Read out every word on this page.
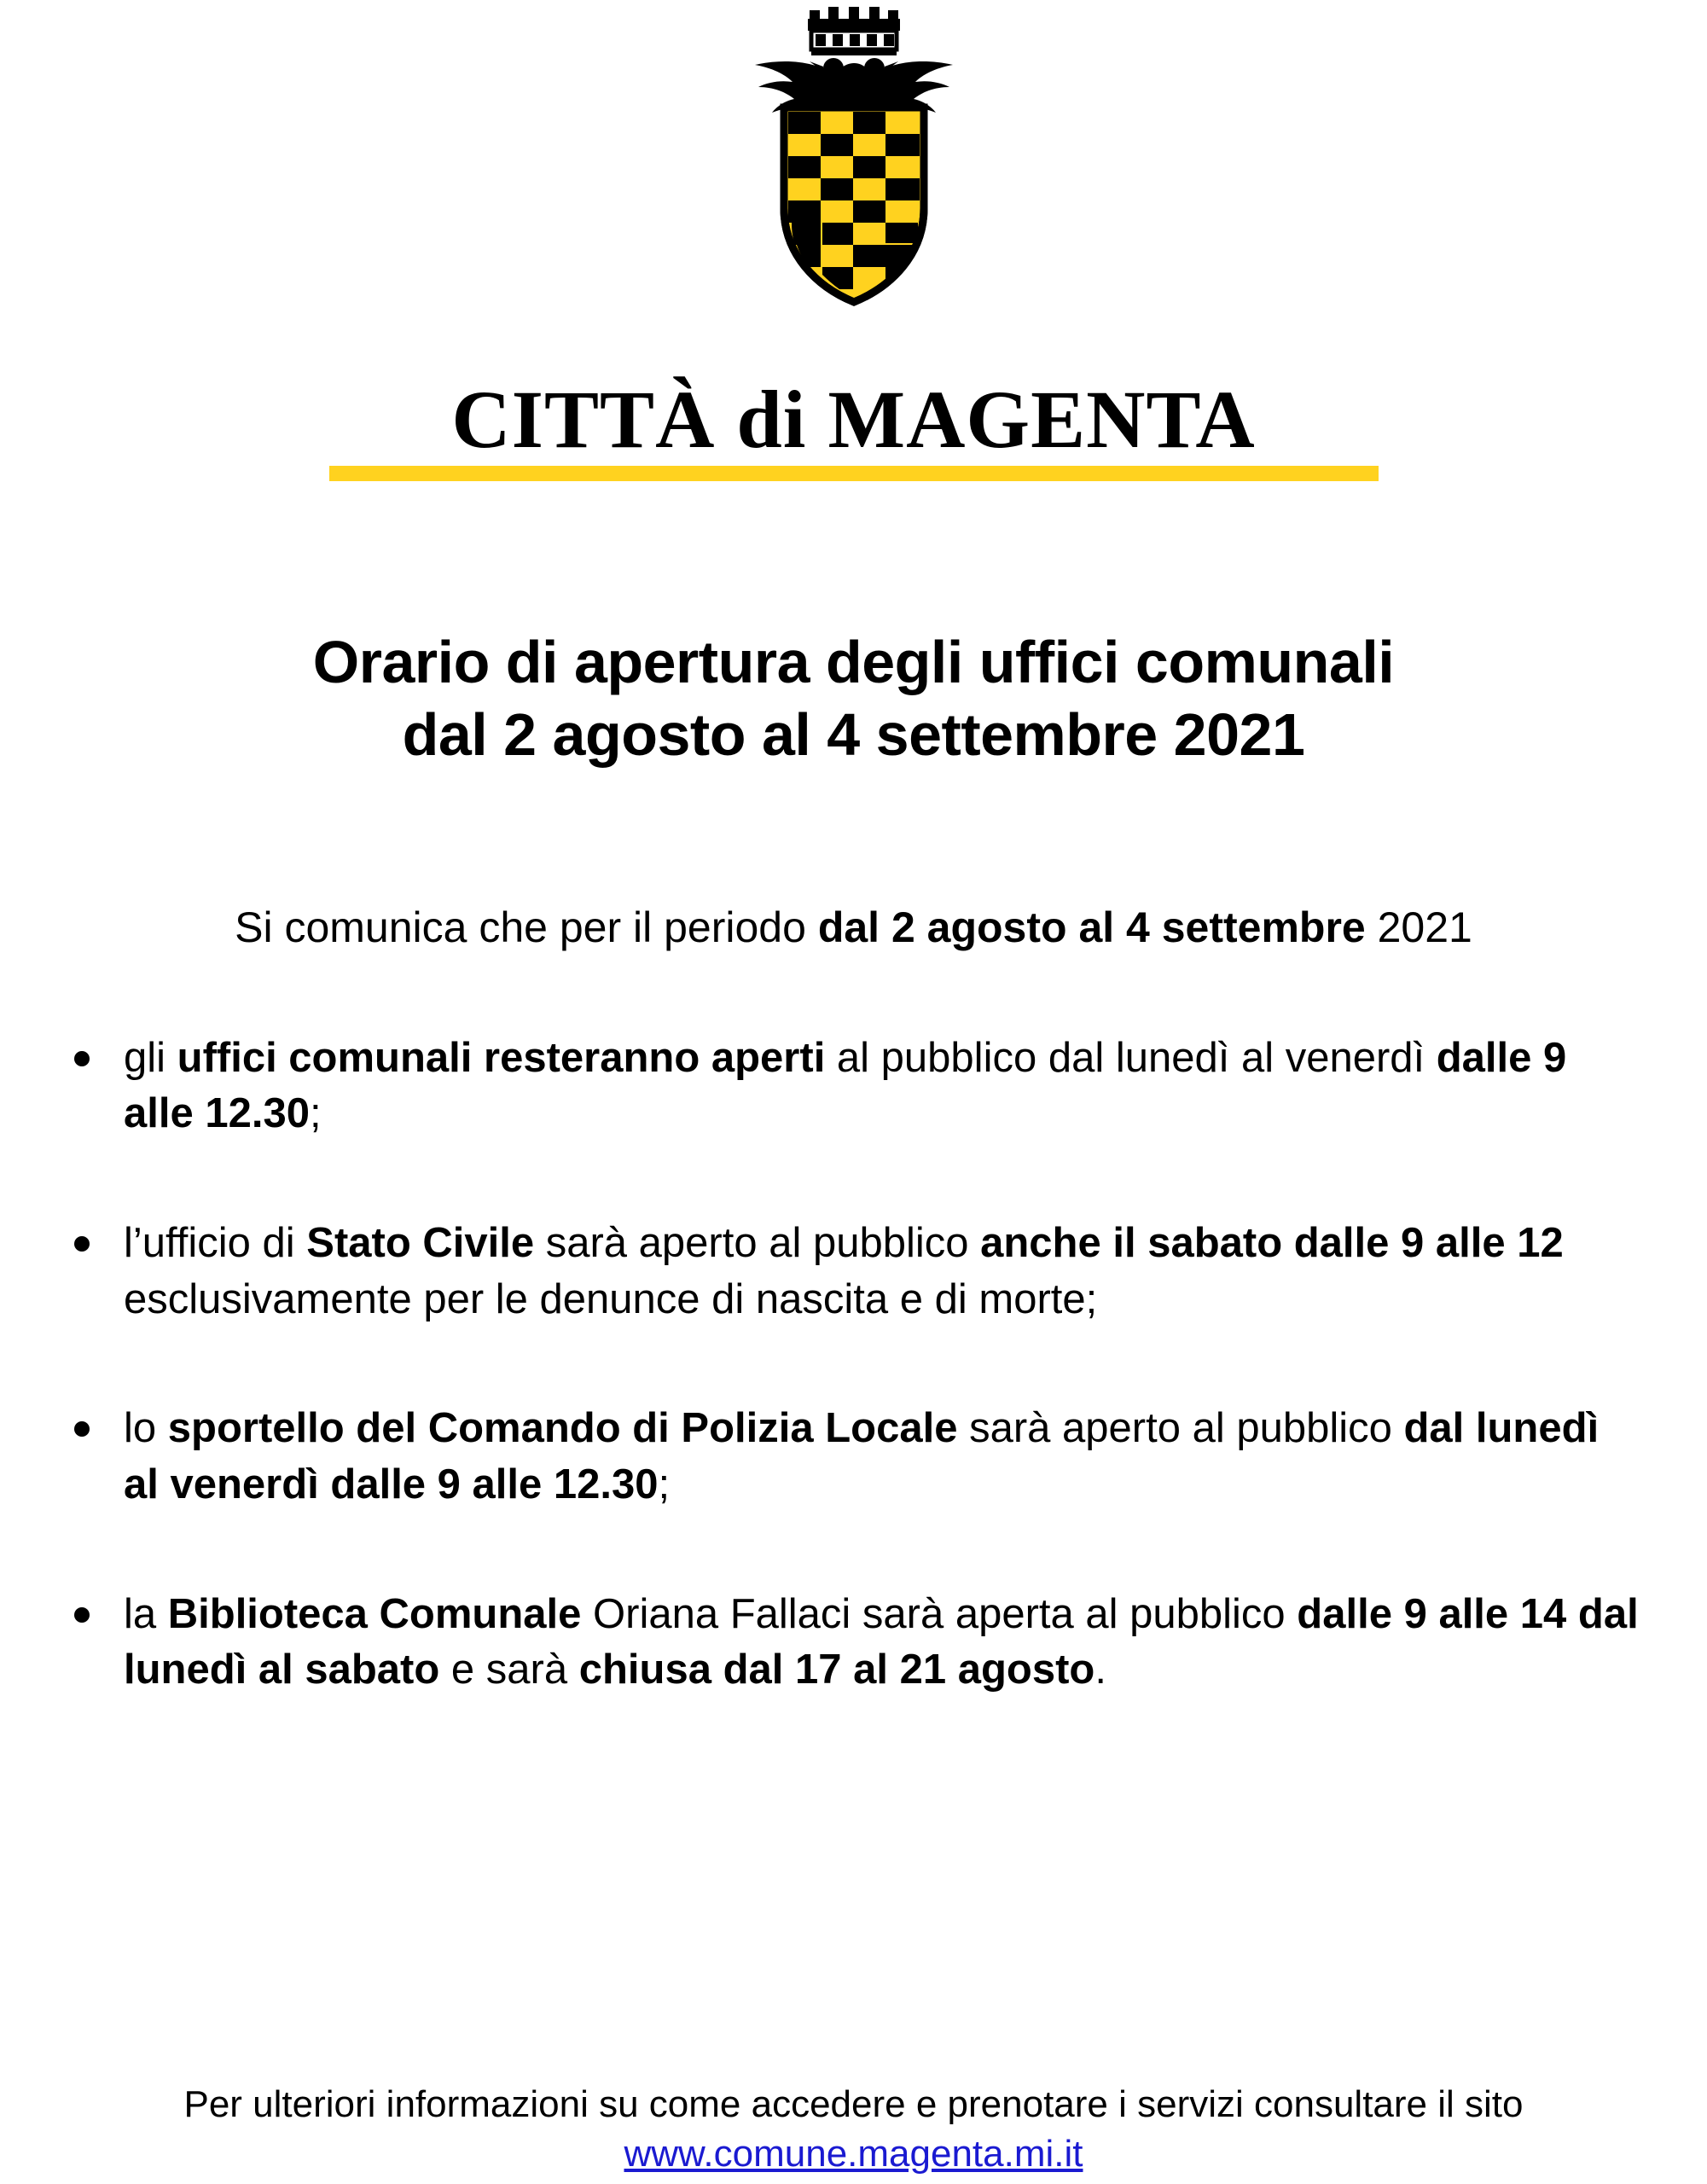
CITTÀ di MAGENTA
Orario di apertura degli uffici comunali
dal 2 agosto al 4 settembre 2021
Si comunica che per il periodo dal 2 agosto al 4 settembre 2021
gli uffici comunali resteranno aperti al pubblico dal lunedì al venerdì dalle 9 alle 12.30;
l’ufficio di Stato Civile sarà aperto al pubblico anche il sabato dalle 9 alle 12 esclusivamente per le denunce di nascita e di morte;
lo sportello del Comando di Polizia Locale sarà aperto al pubblico dal lunedì al venerdì dalle 9 alle 12.30;
la Biblioteca Comunale Oriana Fallaci sarà aperta al pubblico dalle 9 alle 14 dal lunedì al sabato e sarà chiusa dal 17 al 21 agosto.
Per ulteriori informazioni su come accedere e prenotare i servizi consultare il sito
www.comune.magenta.mi.it
